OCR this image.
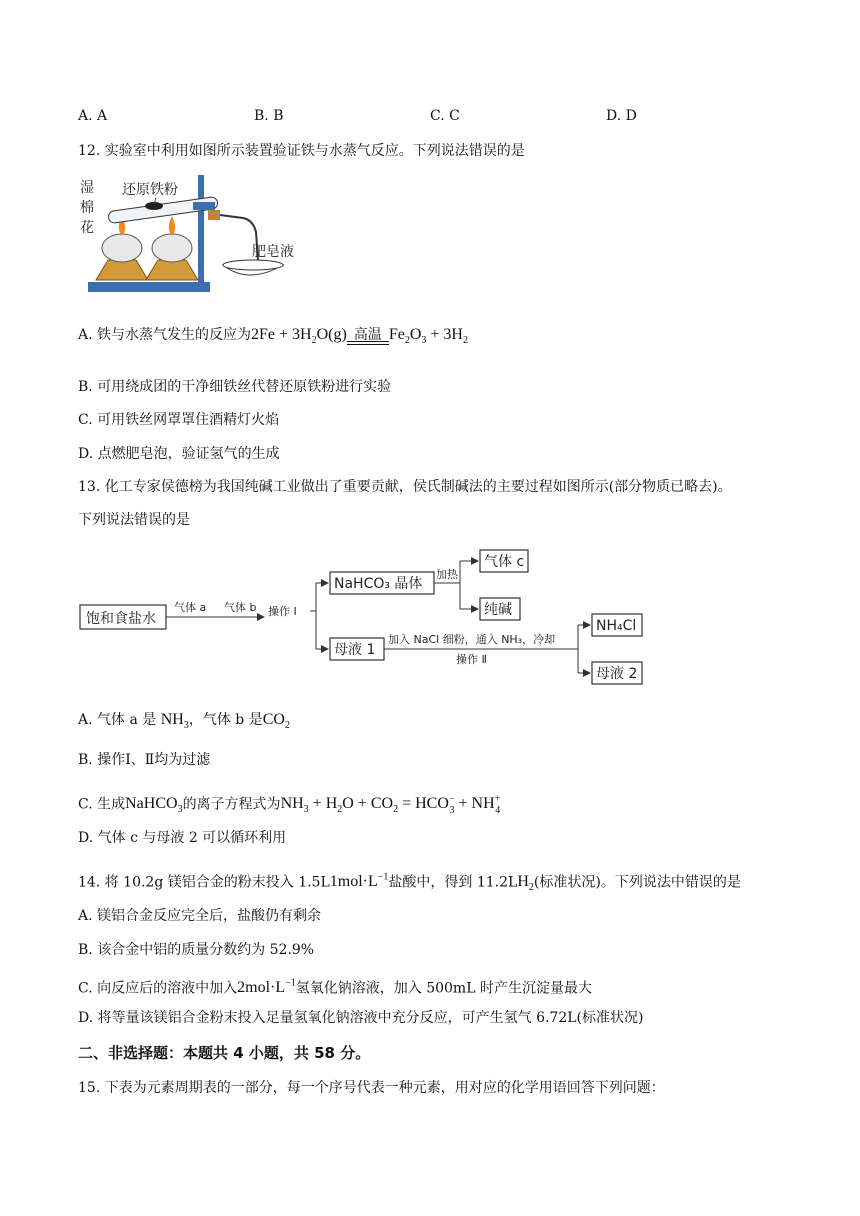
A. A	B. B	C. C	D. D
12. 实验室中利用如图所示装置验证铁与水蒸气反应。下列说法错误的是
湿
棉
花
还原铁粉
肥皂液
A. 铁与水蒸气发生的反应为$2Fe + 3H_2O(g)$ 高温 $Fe_2O_3 + 3H_2$
B. 可用绕成团的干净细铁丝代替还原铁粉进行实验
C. 可用铁丝网罩罩住酒精灯火焰
D. 点燃肥皂泡，验证氢气的生成
13. 化工专家侯德榜为我国纯碱工业做出了重要贡献，侯氏制碱法的主要过程如图所示(部分物质已略去)。
下列说法错误的是
饱和食盐水
气体 a 气体 b 操作 Ⅰ
NaHCO₃ 晶体
加热
气体 c
纯碱
母液 1
加入 NaCl 细粉，通入 NH₃，冷却
操作 Ⅱ
NH₄Cl
母液 2
A. 气体 a 是 $NH_3$，气体 b 是$CO_2$
B. 操作Ⅰ、Ⅱ均为过滤
C. 生成NaHCO$_3$的离子方程式为$NH_3 + H_2O + CO_2 = HCO^-_3 + NH^+_4$
D. 气体 c 与母液 2 可以循环利用
14. 将 10.2g 镁铝合金的粉末投入 $1.5L1mol\cdot L^{-1}$盐酸中，得到 $11.2LH_2$(标准状况)。下列说法中错误的是
A. 镁铝合金反应完全后，盐酸仍有剩余
B. 该合金中铝的质量分数约为 52.9%
C. 向反应后的溶液中加入$2mol\cdot L^{-1}$氢氧化钠溶液，加入 500mL 时产生沉淀量最大
D. 将等量该镁铝合金粉末投入足量氢氧化钠溶液中充分反应，可产生氢气 6.72L(标准状况)
二、非选择题：本题共 4 小题，共 58 分。
15. 下表为元素周期表的一部分，每一个序号代表一种元素，用对应的化学用语回答下列问题：
